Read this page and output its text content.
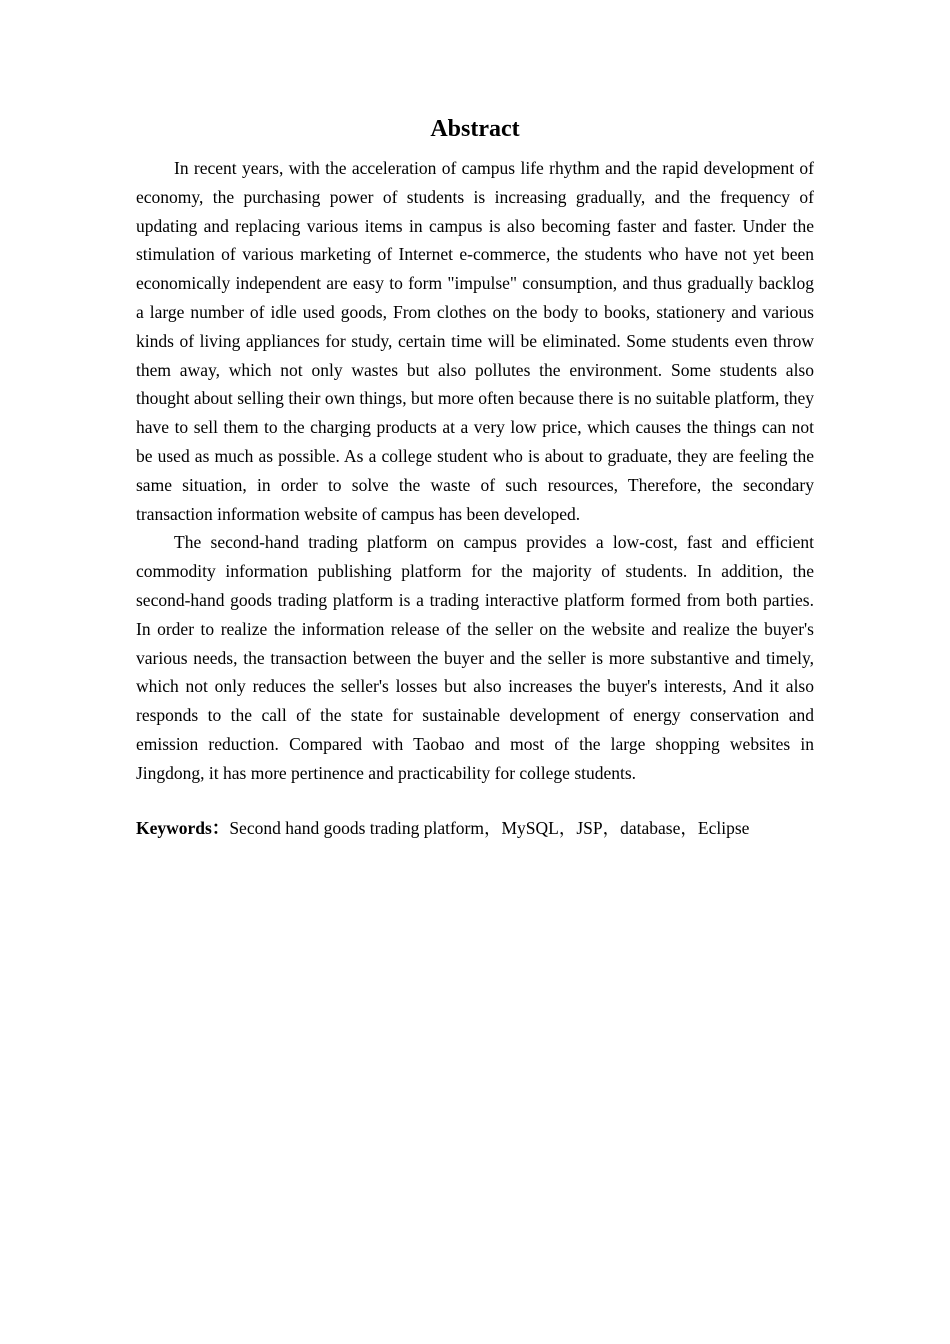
Abstract

In recent years, with the acceleration of campus life rhythm and the rapid development of economy, the purchasing power of students is increasing gradually, and the frequency of updating and replacing various items in campus is also becoming faster and faster. Under the stimulation of various marketing of Internet e-commerce, the students who have not yet been economically independent are easy to form "impulse" consumption, and thus gradually backlog a large number of idle used goods, From clothes on the body to books, stationery and various kinds of living appliances for study, certain time will be eliminated. Some students even throw them away, which not only wastes but also pollutes the environment. Some students also thought about selling their own things, but more often because there is no suitable platform, they have to sell them to the charging products at a very low price, which causes the things can not be used as much as possible. As a college student who is about to graduate, they are feeling the same situation, in order to solve the waste of such resources, Therefore, the secondary transaction information website of campus has been developed.

The second-hand trading platform on campus provides a low-cost, fast and efficient commodity information publishing platform for the majority of students. In addition, the second-hand goods trading platform is a trading interactive platform formed from both parties. In order to realize the information release of the seller on the website and realize the buyer's various needs, the transaction between the buyer and the seller is more substantive and timely, which not only reduces the seller's losses but also increases the buyer's interests, And it also responds to the call of the state for sustainable development of energy conservation and emission reduction. Compared with Taobao and most of the large shopping websites in Jingdong, it has more pertinence and practicability for college students.

Keywords：Second hand goods trading platform，MySQL，JSP，database，Eclipse
